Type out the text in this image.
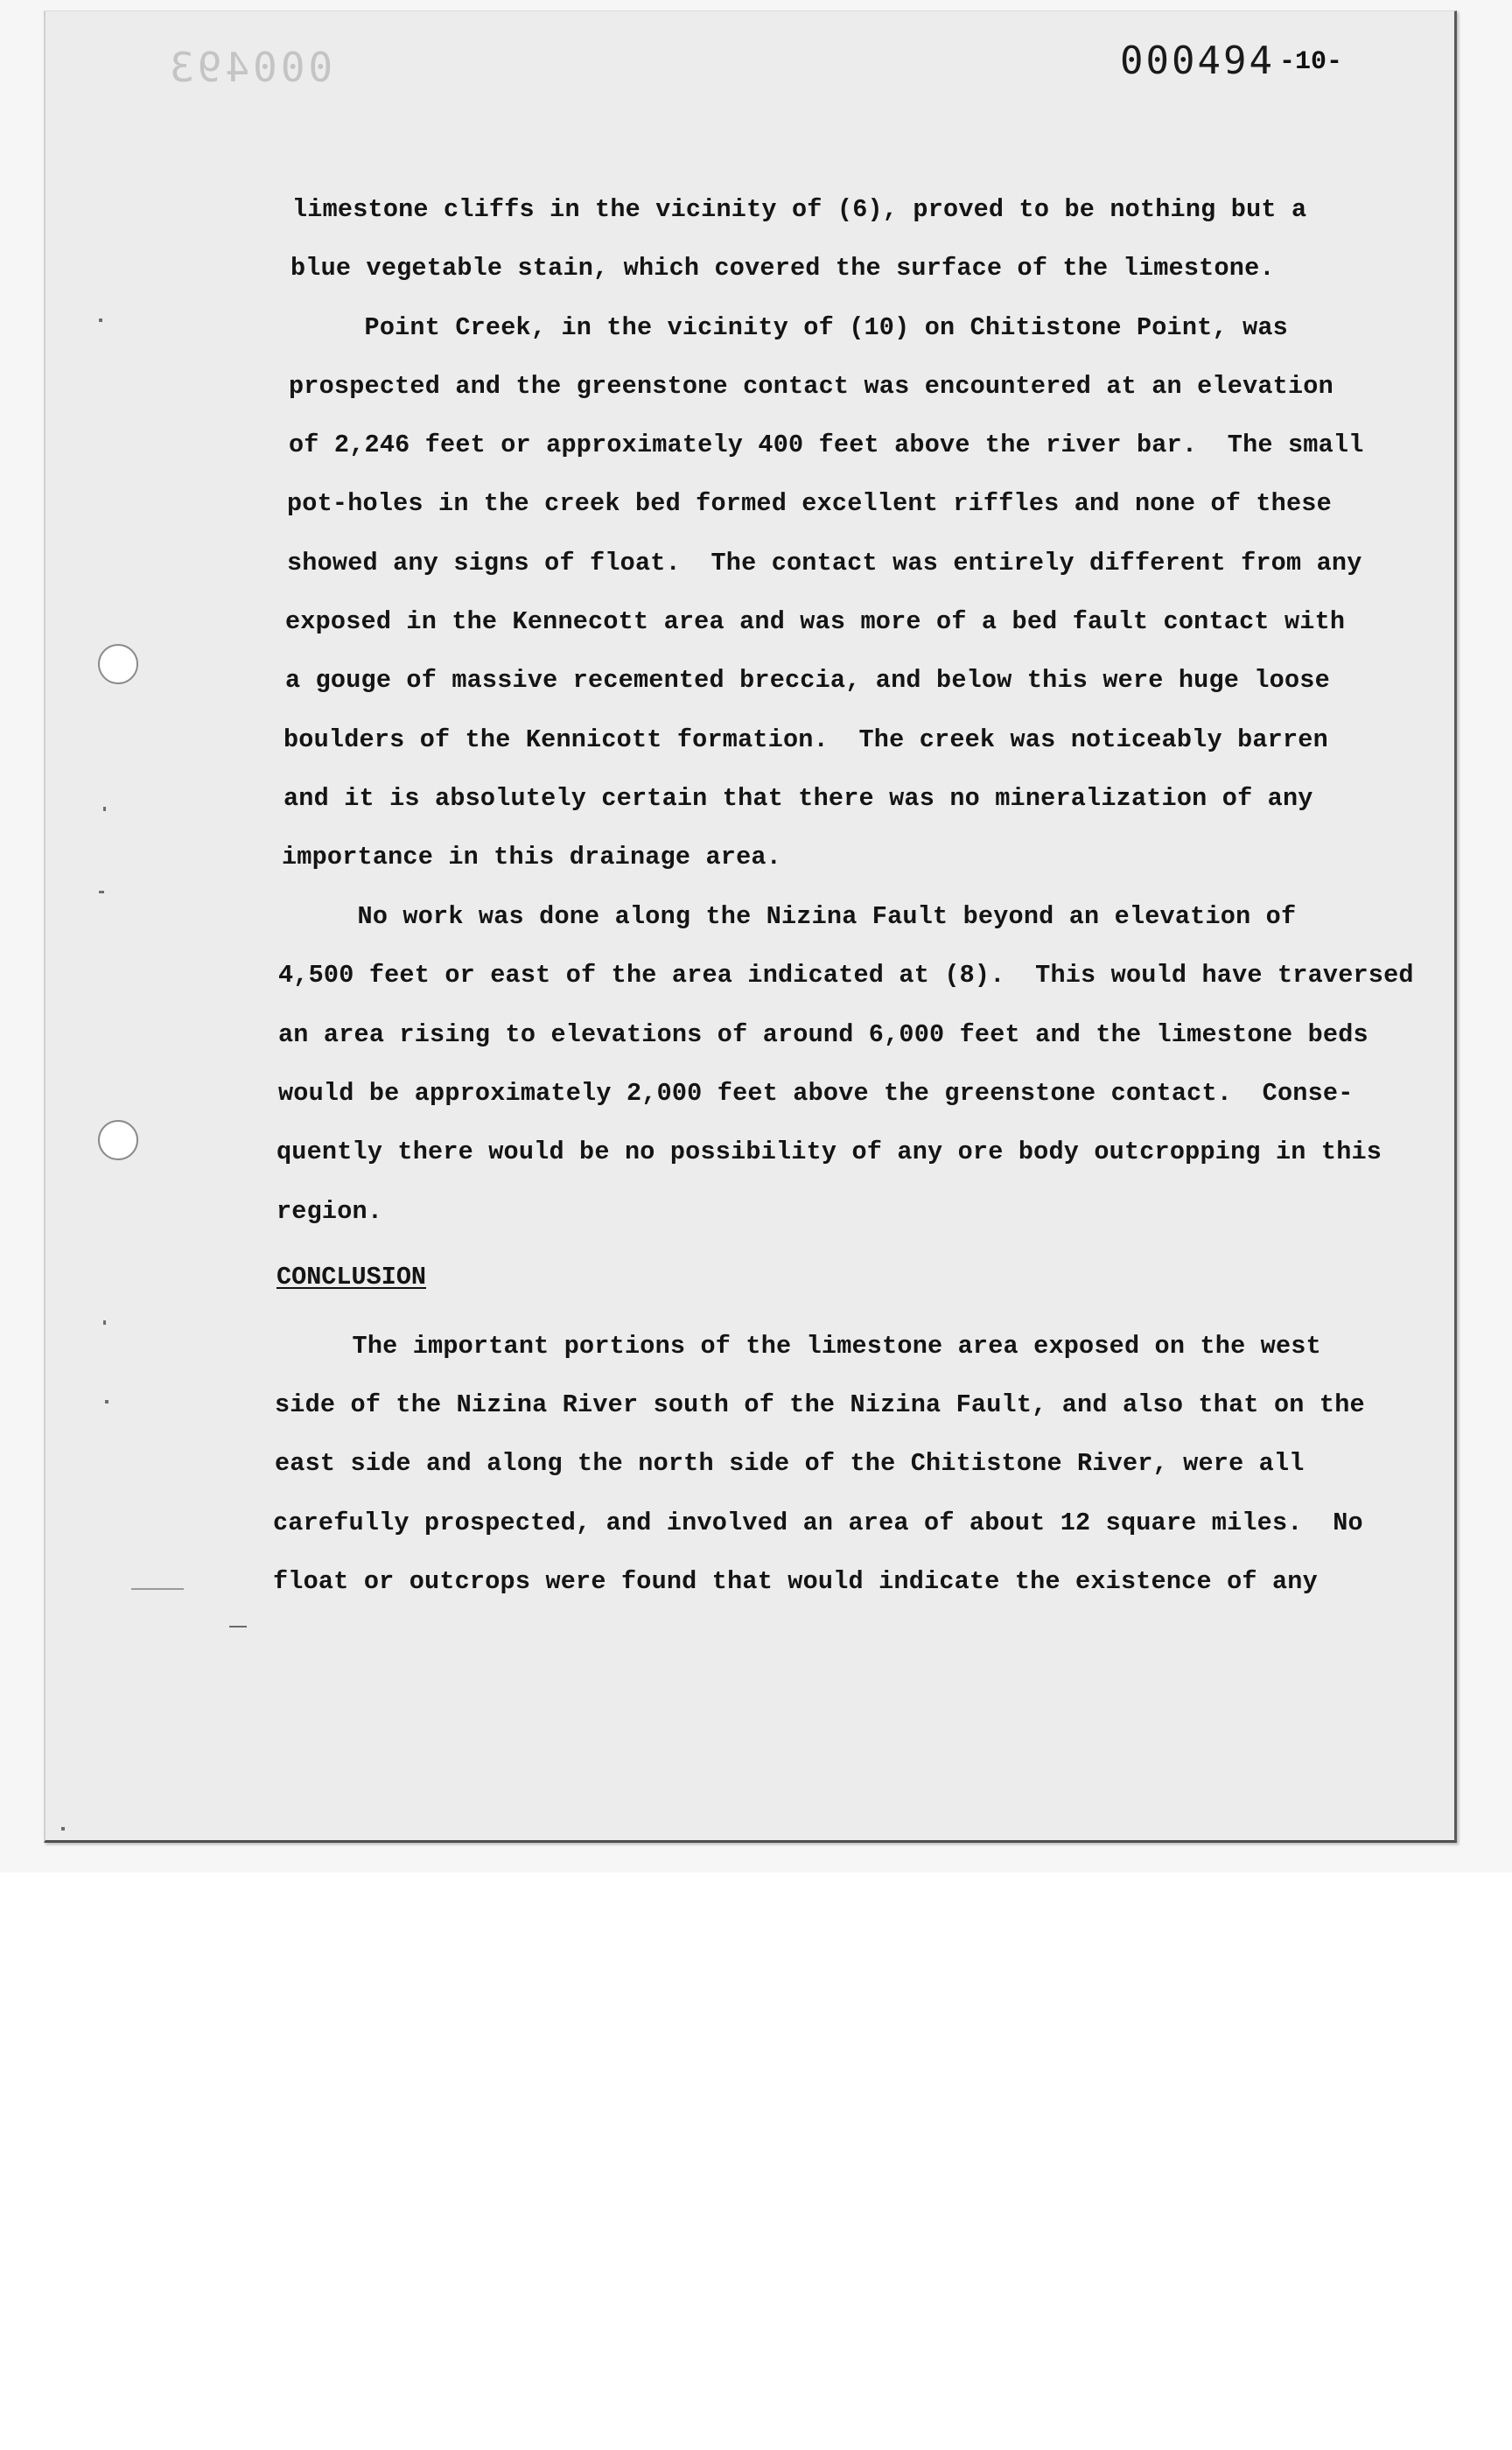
000493	000494 -10-
limestone cliffs in the vicinity of (6), proved to be nothing but a
blue vegetable stain, which covered the surface of the limestone.
Point Creek, in the vicinity of (10) on Chitistone Point, was
prospected and the greenstone contact was encountered at an elevation
of 2,246 feet or approximately 400 feet above the river bar.  The small
pot-holes in the creek bed formed excellent riffles and none of these
showed any signs of float.  The contact was entirely different from any
exposed in the Kennecott area and was more of a bed fault contact with
a gouge of massive recemented breccia, and below this were huge loose
boulders of the Kennicott formation.  The creek was noticeably barren
and it is absolutely certain that there was no mineralization of any
importance in this drainage area.
No work was done along the Nizina Fault beyond an elevation of
4,500 feet or east of the area indicated at (8).  This would have traversed
an area rising to elevations of around 6,000 feet and the limestone beds
would be approximately 2,000 feet above the greenstone contact.  Conse-
quently there would be no possibility of any ore body outcropping in this
region.
CONCLUSION
The important portions of the limestone area exposed on the west
side of the Nizina River south of the Nizina Fault, and also that on the
east side and along the north side of the Chitistone River, were all
carefully prospected, and involved an area of about 12 square miles.  No
float or outcrops were found that would indicate the existence of any
